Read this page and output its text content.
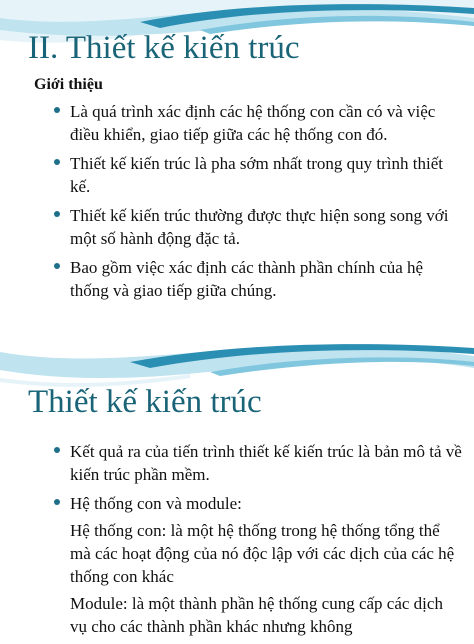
II. Thiết kế kiến trúc
Giới thiệu
Là quá trình xác định các hệ thống con cần có và việc điều khiển, giao tiếp giữa các hệ thống con đó.
Thiết kế kiến trúc là pha sớm nhất trong quy trình thiết kế.
Thiết kế kiến trúc thường được thực hiện song song với một số hành động đặc tả.
Bao gồm việc xác định các thành phần chính của hệ thống và giao tiếp giữa chúng.
Thiết kế kiến trúc
Kết quả ra của tiến trình thiết kế kiến trúc là bản mô tả về kiến trúc phần mềm.
Hệ thống con và module:
Hệ thống con: là một hệ thống trong hệ thống tổng thể mà các hoạt động của nó độc lập với các dịch của các hệ thống con khác
Module: là một thành phần hệ thống cung cấp các dịch vụ cho các thành phần khác nhưng không
